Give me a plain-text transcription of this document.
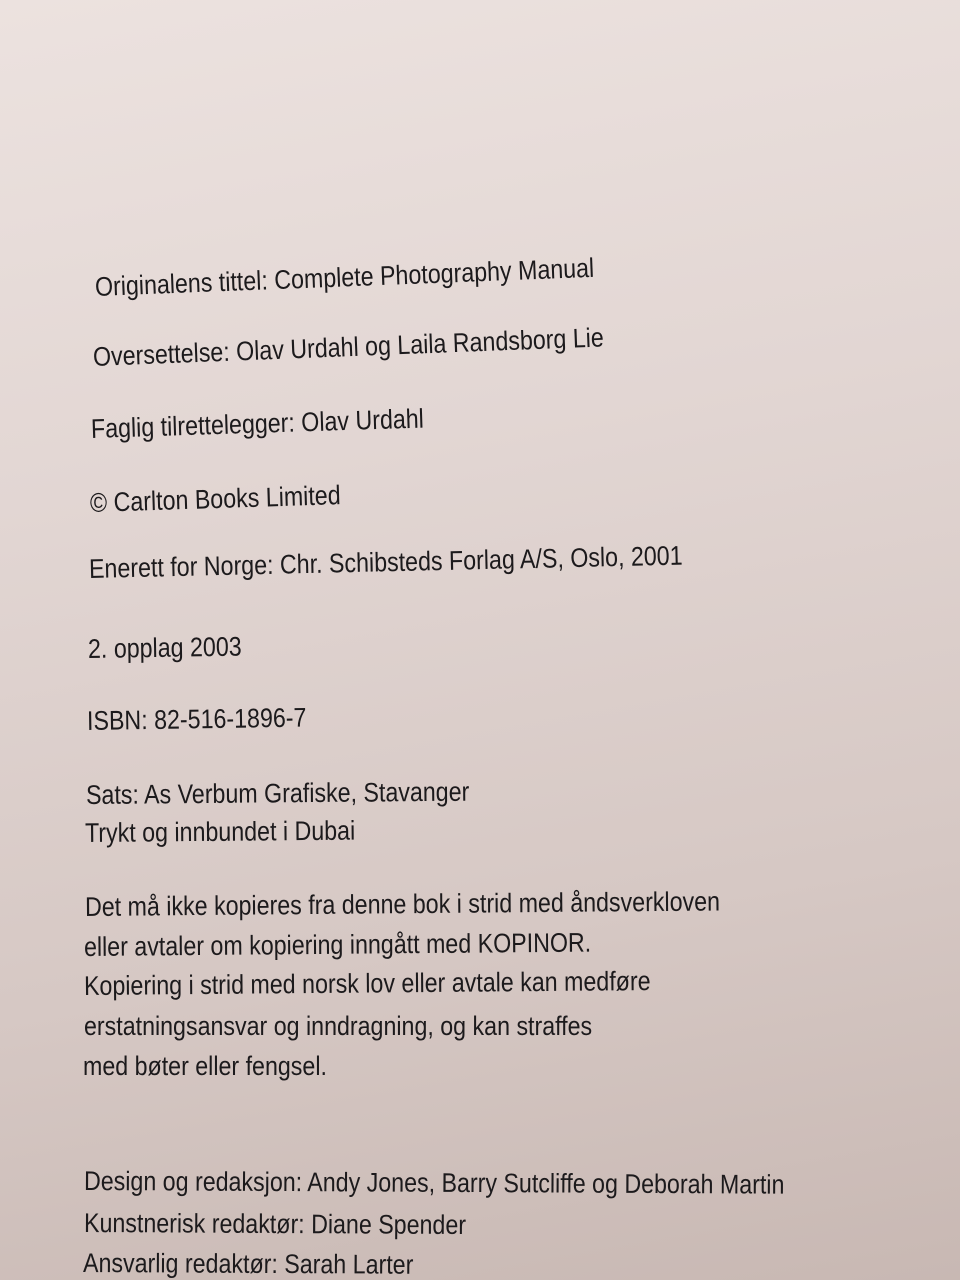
Originalens tittel: Complete Photography Manual
Oversettelse: Olav Urdahl og Laila Randsborg Lie
Faglig tilrettelegger: Olav Urdahl
© Carlton Books Limited
Enerett for Norge: Chr. Schibsteds Forlag A/S, Oslo, 2001
2. opplag 2003
ISBN: 82-516-1896-7
Sats: As Verbum Grafiske, Stavanger
Trykt og innbundet i Dubai
Det må ikke kopieres fra denne bok i strid med åndsverkloven
eller avtaler om kopiering inngått med KOPINOR.
Kopiering i strid med norsk lov eller avtale kan medføre
erstatningsansvar og inndragning, og kan straffes
med bøter eller fengsel.
Design og redaksjon: Andy Jones, Barry Sutcliffe og Deborah Martin
Kunstnerisk redaktør: Diane Spender
Ansvarlig redaktør: Sarah Larter
